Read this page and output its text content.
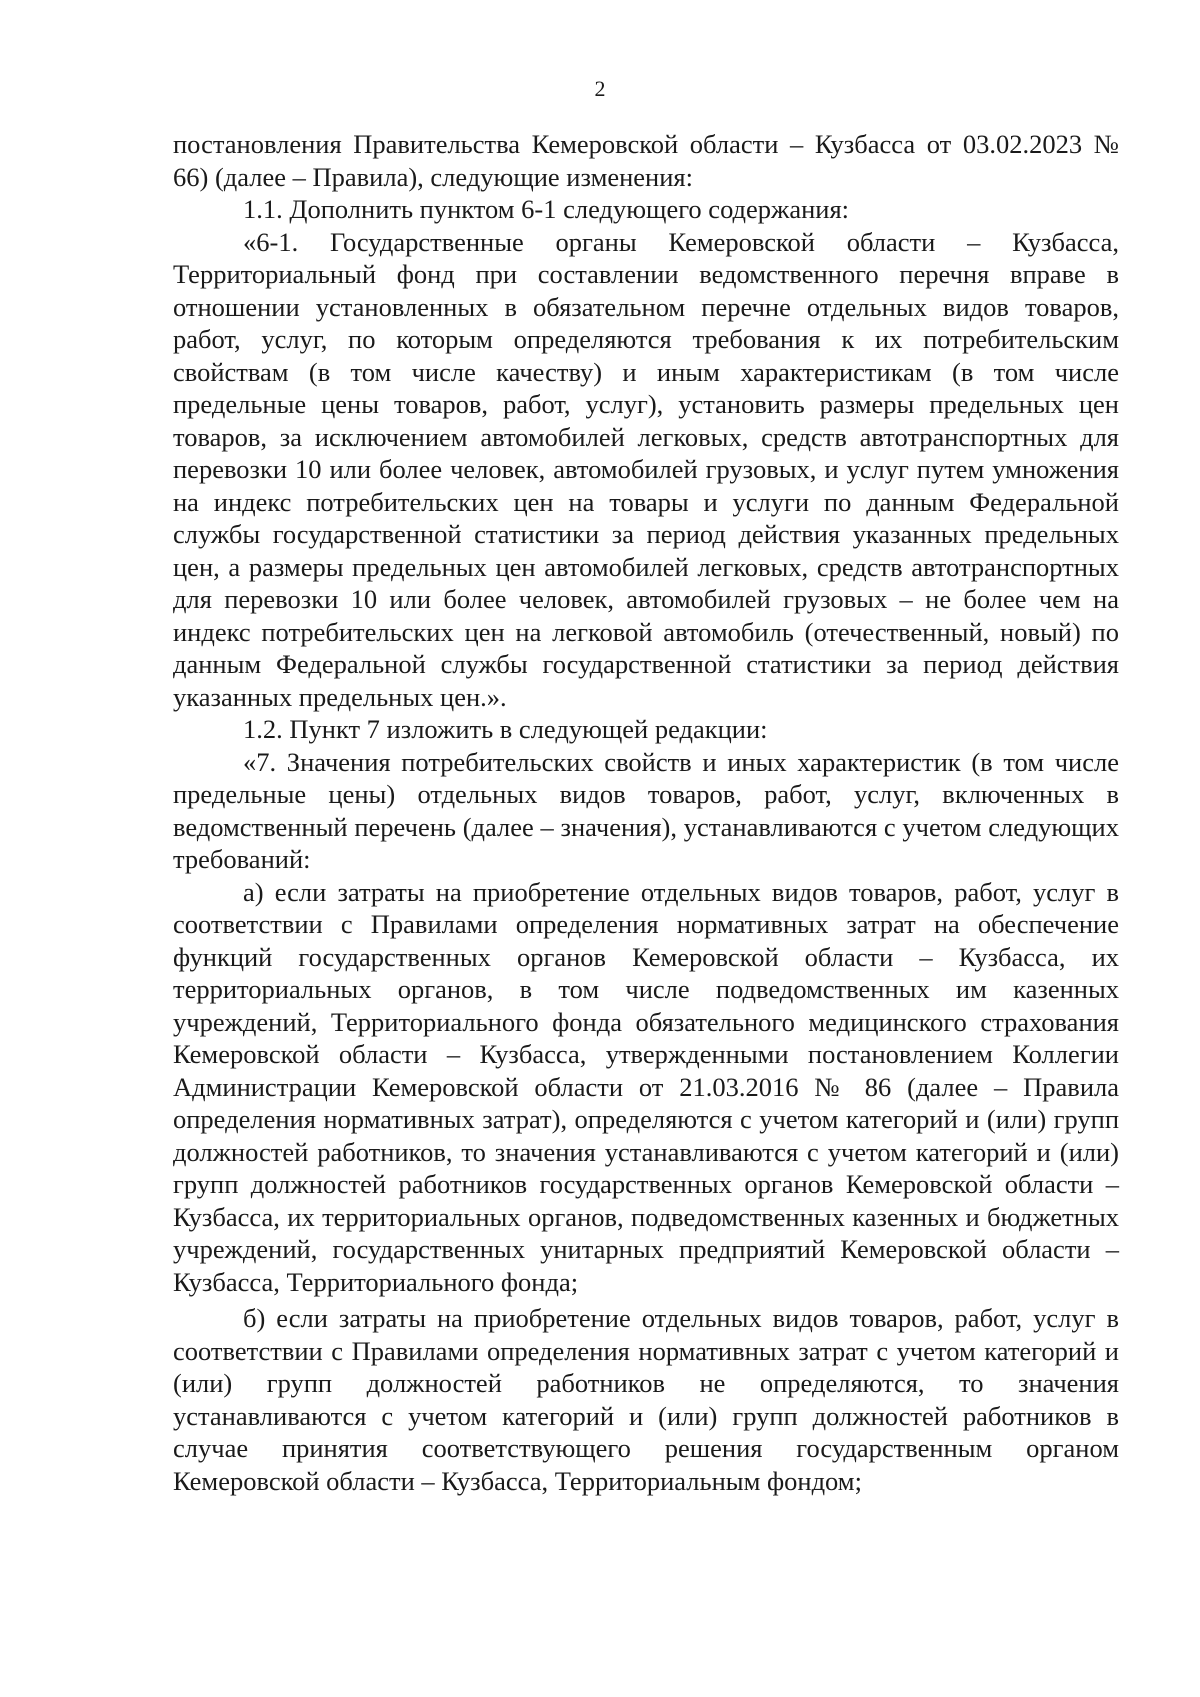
2

постановления Правительства Кемеровской области – Кузбасса от 03.02.2023 № 66) (далее – Правила), следующие изменения:

1.1. Дополнить пунктом 6-1 следующего содержания:

«6-1. Государственные органы Кемеровской области – Кузбасса, Территориальный фонд при составлении ведомственного перечня вправе в отношении установленных в обязательном перечне отдельных видов товаров, работ, услуг, по которым определяются требования к их потребительским свойствам (в том числе качеству) и иным характеристикам (в том числе предельные цены товаров, работ, услуг), установить размеры предельных цен товаров, за исключением автомобилей легковых, средств автотранспортных для перевозки 10 или более человек, автомобилей грузовых, и услуг путем умножения на индекс потребительских цен на товары и услуги по данным Федеральной службы государственной статистики за период действия указанных предельных цен, а размеры предельных цен автомобилей легковых, средств автотранспортных для перевозки 10 или более человек, автомобилей грузовых – не более чем на индекс потребительских цен на легковой автомобиль (отечественный, новый) по данным Федеральной службы государственной статистики за период действия указанных предельных цен.».

1.2. Пункт 7 изложить в следующей редакции:

«7. Значения потребительских свойств и иных характеристик (в том числе предельные цены) отдельных видов товаров, работ, услуг, включенных в ведомственный перечень (далее – значения), устанавливаются с учетом следующих требований:

а) если затраты на приобретение отдельных видов товаров, работ, услуг в соответствии с Правилами определения нормативных затрат на обеспечение функций государственных органов Кемеровской области – Кузбасса, их территориальных органов, в том числе подведомственных им казенных учреждений, Территориального фонда обязательного медицинского страхования Кемеровской области – Кузбасса, утвержденными постановлением Коллегии Администрации Кемеровской области от 21.03.2016 № 86 (далее – Правила определения нормативных затрат), определяются с учетом категорий и (или) групп должностей работников, то значения устанавливаются с учетом категорий и (или) групп должностей работников государственных органов Кемеровской области – Кузбасса, их территориальных органов, подведомственных казенных и бюджетных учреждений, государственных унитарных предприятий Кемеровской области – Кузбасса, Территориального фонда;

б) если затраты на приобретение отдельных видов товаров, работ, услуг в соответствии с Правилами определения нормативных затрат с учетом категорий и (или) групп должностей работников не определяются, то значения устанавливаются с учетом категорий и (или) групп должностей работников в случае принятия соответствующего решения государственным органом Кемеровской области – Кузбасса, Территориальным фондом;
